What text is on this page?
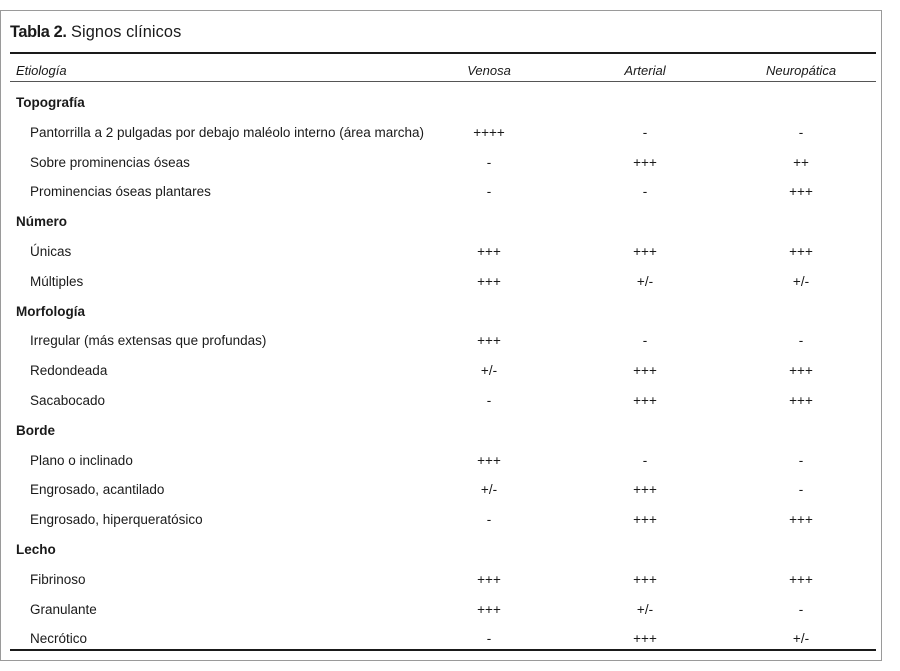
Tabla 2. Signos clínicos
Etiología	Venosa	Arterial	Neuropática
Topografía
Pantorrilla a 2 pulgadas por debajo maléolo interno (área marcha)	++++	-	-
Sobre prominencias óseas	-	+++	++
Prominencias óseas plantares	-	-	+++
Número
Únicas	+++	+++	+++
Múltiples	+++	+/-	+/-
Morfología
Irregular (más extensas que profundas)	+++	-	-
Redondeada	+/-	+++	+++
Sacabocado	-	+++	+++
Borde
Plano o inclinado	+++	-	-
Engrosado, acantilado	+/-	+++	-
Engrosado, hiperqueratósico	-	+++	+++
Lecho
Fibrinoso	+++	+++	+++
Granulante	+++	+/-	-
Necrótico	-	+++	+/-
